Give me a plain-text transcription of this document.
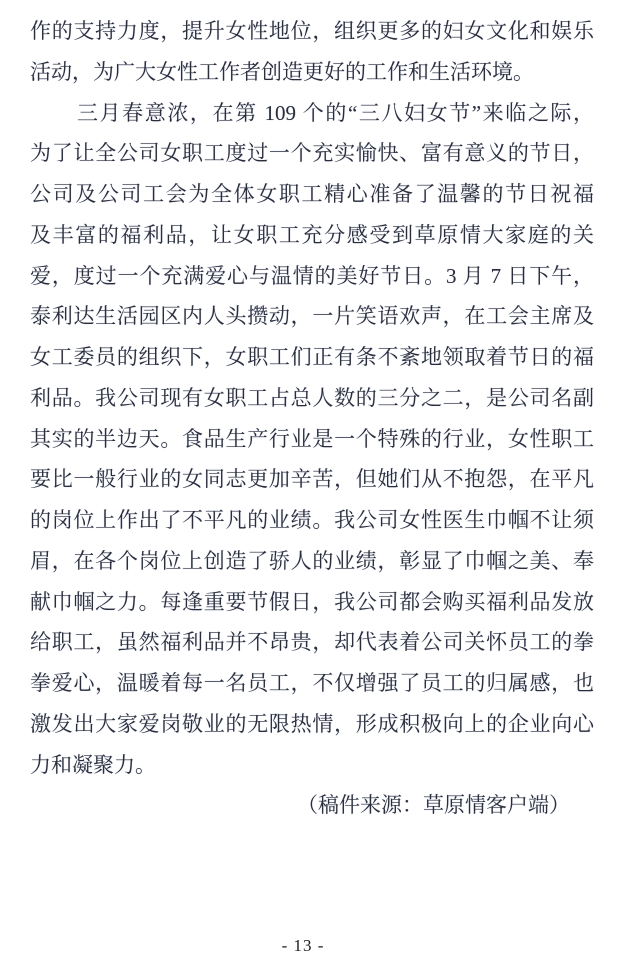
作的支持力度，提升女性地位，组织更多的妇女文化和娱乐
活动，为广大女性工作者创造更好的工作和生活环境。
三月春意浓，在第 109 个的“三八妇女节”来临之际，
为了让全公司女职工度过一个充实愉快、富有意义的节日，
公司及公司工会为全体女职工精心准备了温馨的节日祝福
及丰富的福利品，让女职工充分感受到草原情大家庭的关
爱，度过一个充满爱心与温情的美好节日。3 月 7 日下午，
泰利达生活园区内人头攒动，一片笑语欢声，在工会主席及
女工委员的组织下，女职工们正有条不紊地领取着节日的福
利品。我公司现有女职工占总人数的三分之二，是公司名副
其实的半边天。食品生产行业是一个特殊的行业，女性职工
要比一般行业的女同志更加辛苦，但她们从不抱怨，在平凡
的岗位上作出了不平凡的业绩。我公司女性医生巾帼不让须
眉，在各个岗位上创造了骄人的业绩，彰显了巾帼之美、奉
献巾帼之力。每逢重要节假日，我公司都会购买福利品发放
给职工，虽然福利品并不昂贵，却代表着公司关怀员工的拳
拳爱心，温暖着每一名员工，不仅增强了员工的归属感，也
激发出大家爱岗敬业的无限热情，形成积极向上的企业向心
力和凝聚力。
（稿件来源：草原情客户端）
- 13 -
